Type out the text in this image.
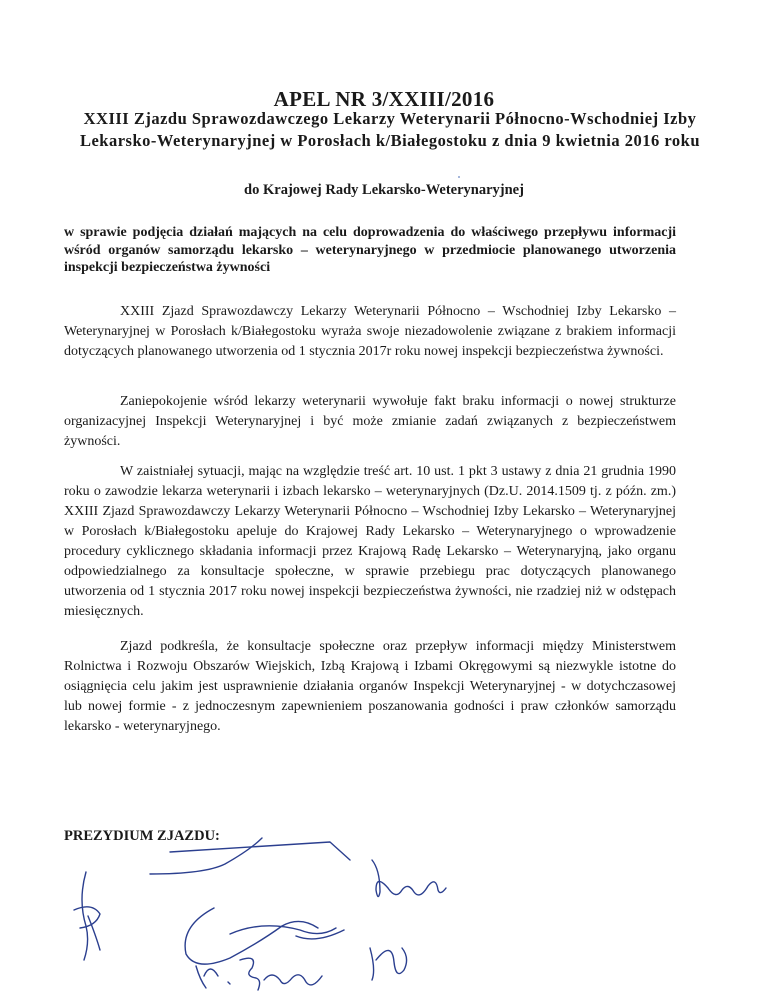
APEL NR 3/XXIII/2016
XXIII Zjazdu Sprawozdawczego Lekarzy Weterynarii Północno-Wschodniej Izby Lekarsko-Weterynaryjnej w Porosłach k/Białegostoku z dnia 9 kwietnia 2016 roku
do Krajowej Rady Lekarsko-Weterynaryjnej
w sprawie podjęcia działań mających na celu doprowadzenia do właściwego przepływu informacji wśród organów samorządu lekarsko – weterynaryjnego w przedmiocie planowanego utworzenia inspekcji bezpieczeństwa żywności
XXIII Zjazd Sprawozdawczy Lekarzy Weterynarii Północno – Wschodniej Izby Lekarsko – Weterynaryjnej w Porosłach k/Białegostoku wyraża swoje niezadowolenie związane z brakiem informacji dotyczących planowanego utworzenia od 1 stycznia 2017r roku nowej inspekcji bezpieczeństwa żywności.
Zaniepokojenie wśród lekarzy weterynarii wywołuje fakt braku informacji o nowej strukturze organizacyjnej Inspekcji Weterynaryjnej i być może zmianie zadań związanych z bezpieczeństwem żywności.
W zaistniałej sytuacji, mając na względzie treść art. 10 ust. 1 pkt 3 ustawy z dnia 21 grudnia 1990 roku o zawodzie lekarza weterynarii i izbach lekarsko – weterynaryjnych (Dz.U. 2014.1509 tj. z późn. zm.) XXIII Zjazd Sprawozdawczy Lekarzy Weterynarii Północno – Wschodniej Izby Lekarsko – Weterynaryjnej w Porosłach k/Białegostoku apeluje do Krajowej Rady Lekarsko – Weterynaryjnego o wprowadzenie procedury cyklicznego składania informacji przez Krajową Radę Lekarsko – Weterynaryjną, jako organu odpowiedzialnego za konsultacje społeczne, w sprawie przebiegu prac dotyczących planowanego utworzenia od 1 stycznia 2017 roku nowej inspekcji bezpieczeństwa żywności, nie rzadziej niż w odstępach miesięcznych.
Zjazd podkreśla, że konsultacje społeczne oraz przepływ informacji między Ministerstwem Rolnictwa i Rozwoju Obszarów Wiejskich, Izbą Krajową i Izbami Okręgowymi są niezwykle istotne do osiągnięcia celu jakim jest usprawnienie działania organów Inspekcji Weterynaryjnej - w dotychczasowej lub nowej formie - z jednoczesnym zapewnieniem poszanowania godności i praw członków samorządu lekarsko - weterynaryjnego.
PREZYDIUM ZJAZDU:
